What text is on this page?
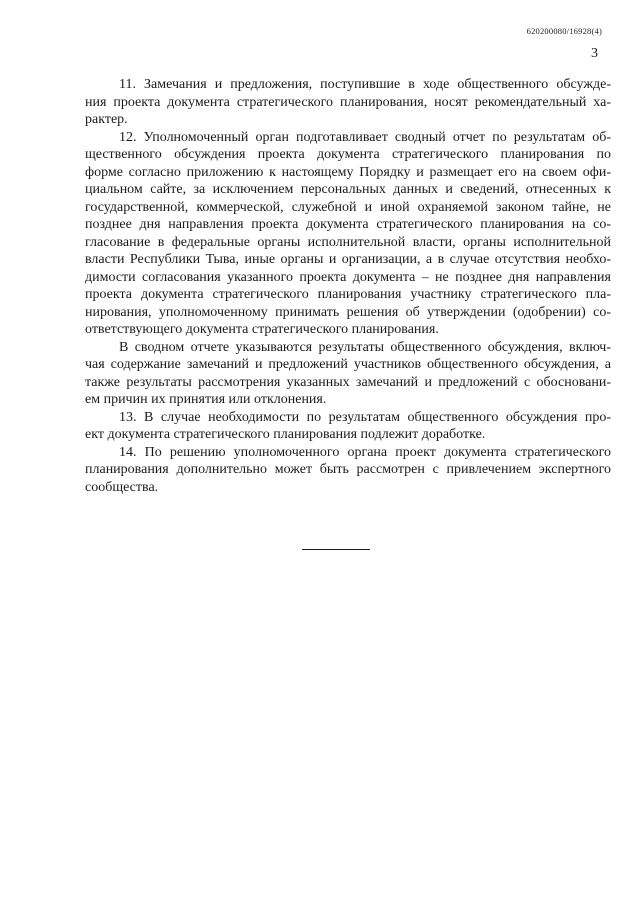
620200080/16928(4)
3

11. Замечания и предложения, поступившие в ходе общественного обсужде-

ния проекта документа стратегического планирования, носят рекомендательный ха-

рактер.

12. Уполномоченный орган подготавливает сводный отчет по результатам об-

щественного обсуждения проекта документа стратегического планирования по

форме согласно приложению к настоящему Порядку и размещает его на своем офи-

циальном сайте, за исключением персональных данных и сведений, отнесенных к

государственной, коммерческой, служебной и иной охраняемой законом тайне, не

позднее дня направления проекта документа стратегического планирования на со-

гласование в федеральные органы исполнительной власти, органы исполнительной

власти Республики Тыва, иные органы и организации, а в случае отсутствия необхо-

димости согласования указанного проекта документа – не позднее дня направления

проекта документа стратегического планирования участнику стратегического пла-

нирования, уполномоченному принимать решения об утверждении (одобрении) со-

ответствующего документа стратегического планирования.

В сводном отчете указываются результаты общественного обсуждения, включ-

чая содержание замечаний и предложений участников общественного обсуждения, а

также результаты рассмотрения указанных замечаний и предложений с обосновани-

ем причин их принятия или отклонения.

13. В случае необходимости по результатам общественного обсуждения про-

ект документа стратегического планирования подлежит доработке.

14. По решению уполномоченного органа проект документа стратегического

планирования дополнительно может быть рассмотрен с привлечением экспертного

сообщества.
